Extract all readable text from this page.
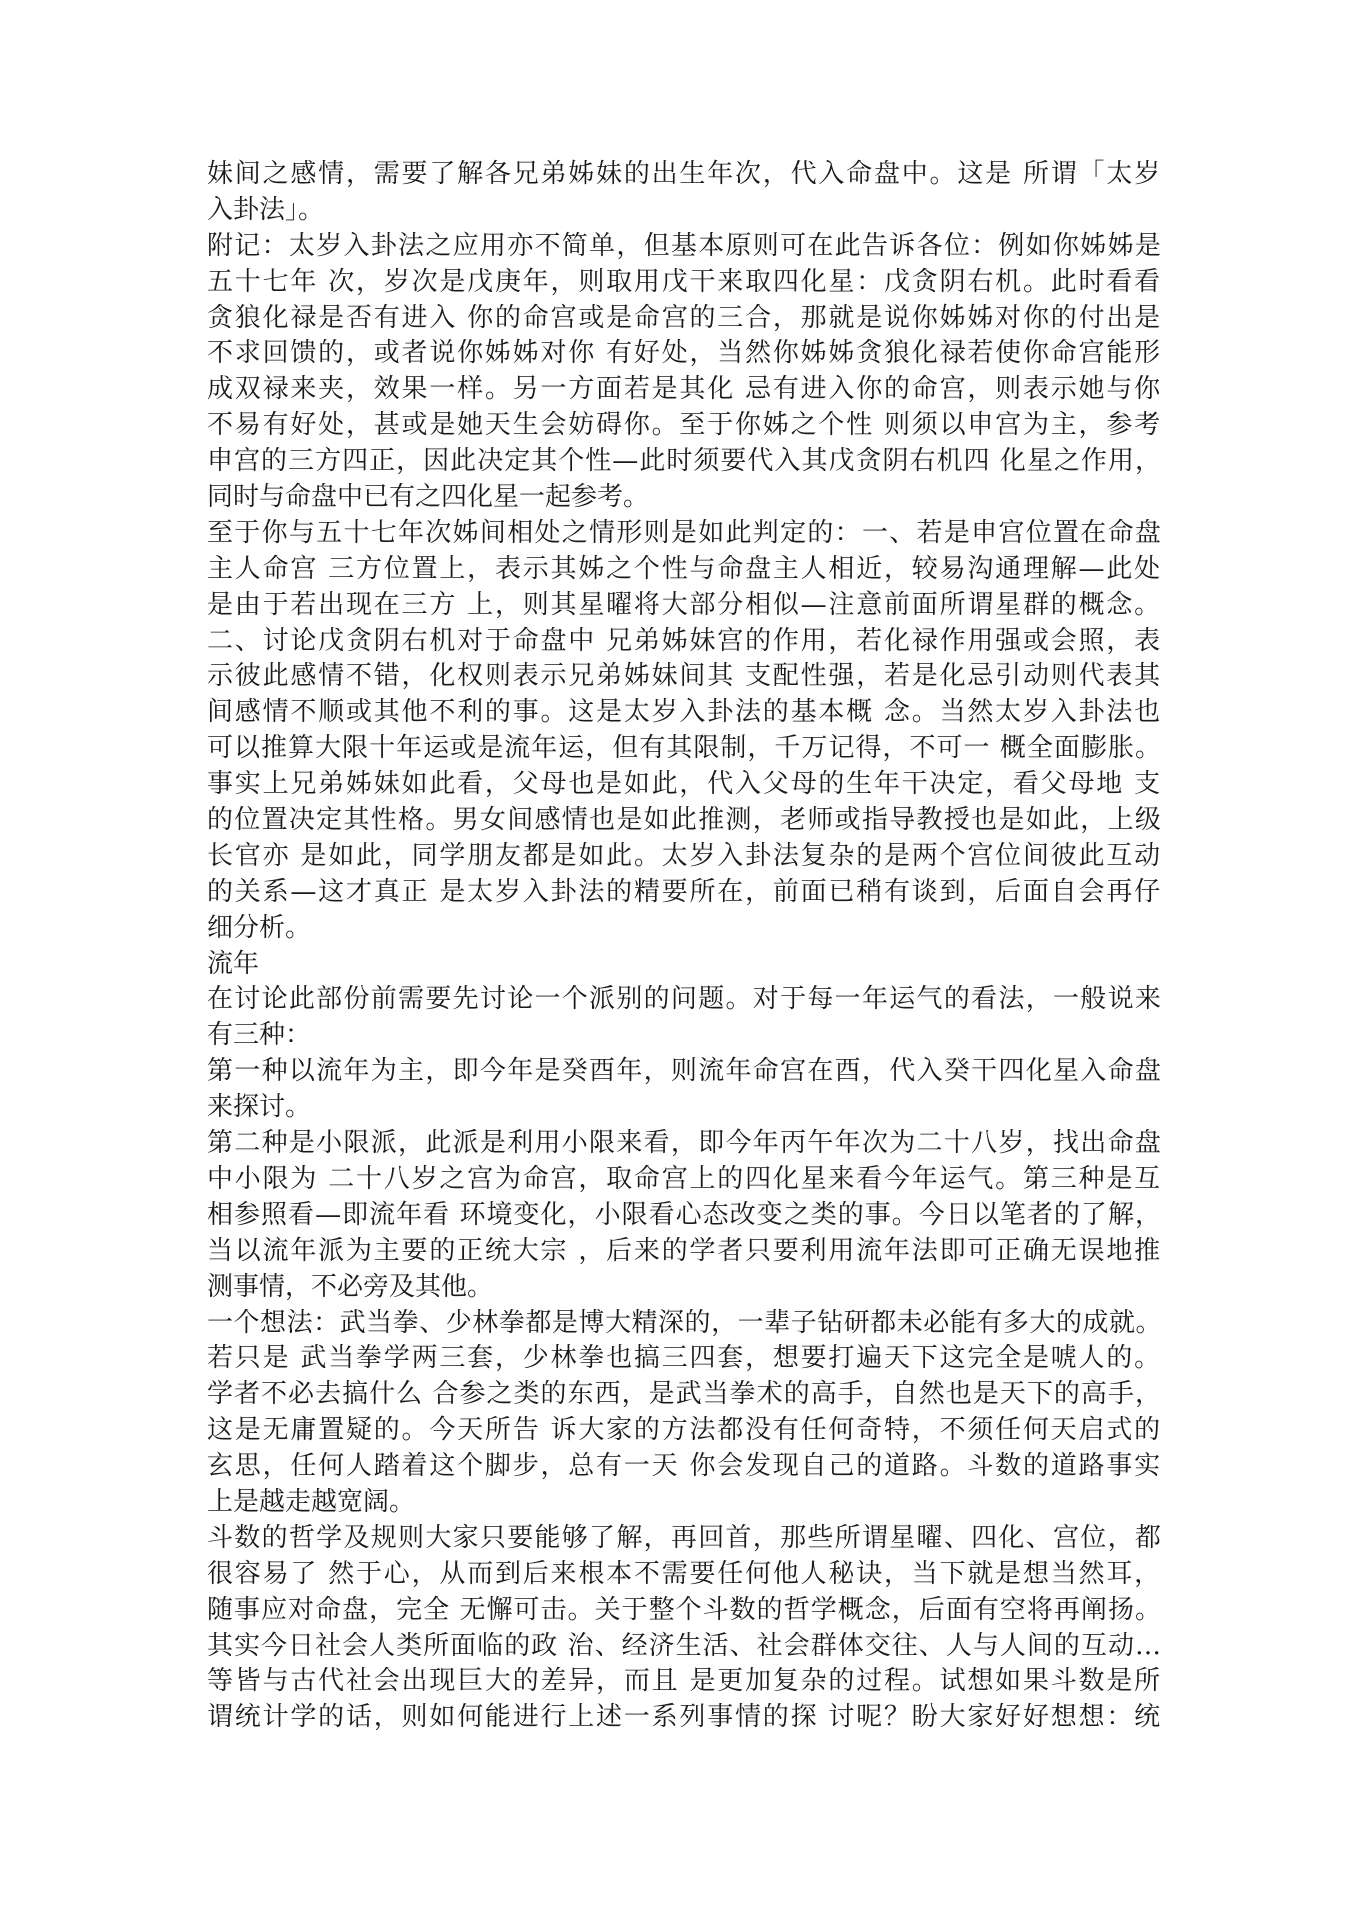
妹间之感情，需要了解各兄弟姊妹的出生年次，代入命盘中。这是 所谓「太岁
入卦法」。
附记：太岁入卦法之应用亦不简单，但基本原则可在此告诉各位：例如你姊姊是
五十七年 次，岁次是戊庚年，则取用戊干来取四化星：戊贪阴右机。此时看看
贪狼化禄是否有进入 你的命宫或是命宫的三合，那就是说你姊姊对你的付出是
不求回馈的，或者说你姊姊对你 有好处，当然你姊姊贪狼化禄若使你命宫能形
成双禄来夹，效果一样。另一方面若是其化 忌有进入你的命宫，则表示她与你
不易有好处，甚或是她天生会妨碍你。至于你姊之个性 则须以申宫为主，参考
申宫的三方四正，因此决定其个性—此时须要代入其戊贪阴右机四 化星之作用，
同时与命盘中已有之四化星一起参考。
至于你与五十七年次姊间相处之情形则是如此判定的：一、若是申宫位置在命盘
主人命宫 三方位置上，表示其姊之个性与命盘主人相近，较易沟通理解—此处
是由于若出现在三方 上，则其星曜将大部分相似—注意前面所谓星群的概念。
二、讨论戊贪阴右机对于命盘中 兄弟姊妹宫的作用，若化禄作用强或会照，表
示彼此感情不错，化权则表示兄弟姊妹间其 支配性强，若是化忌引动则代表其
间感情不顺或其他不利的事。这是太岁入卦法的基本概 念。当然太岁入卦法也
可以推算大限十年运或是流年运，但有其限制，千万记得，不可一 概全面膨胀。
事实上兄弟姊妹如此看，父母也是如此，代入父母的生年干决定，看父母地 支
的位置决定其性格。男女间感情也是如此推测，老师或指导教授也是如此，上级
长官亦 是如此，同学朋友都是如此。太岁入卦法复杂的是两个宫位间彼此互动
的关系—这才真正 是太岁入卦法的精要所在，前面已稍有谈到，后面自会再仔
细分析。
流年
在讨论此部份前需要先讨论一个派别的问题。对于每一年运气的看法，一般说来
有三种：
第一种以流年为主，即今年是癸酉年，则流年命宫在酉，代入癸干四化星入命盘
来探讨。
第二种是小限派，此派是利用小限来看，即今年丙午年次为二十八岁，找出命盘
中小限为 二十八岁之宫为命宫，取命宫上的四化星来看今年运气。第三种是互
相参照看—即流年看 环境变化，小限看心态改变之类的事。今日以笔者的了解，
当以流年派为主要的正统大宗 ，后来的学者只要利用流年法即可正确无误地推
测事情，不必旁及其他。
一个想法：武当拳、少林拳都是博大精深的，一辈子钻研都未必能有多大的成就。
若只是 武当拳学两三套，少林拳也搞三四套，想要打遍天下这完全是唬人的。
学者不必去搞什么 合参之类的东西，是武当拳术的高手，自然也是天下的高手，
这是无庸置疑的。今天所告 诉大家的方法都没有任何奇特，不须任何天启式的
玄思，任何人踏着这个脚步，总有一天 你会发现自己的道路。斗数的道路事实
上是越走越宽阔。
斗数的哲学及规则大家只要能够了解，再回首，那些所谓星曜、四化、宫位，都
很容易了 然于心，从而到后来根本不需要任何他人秘诀，当下就是想当然耳，
随事应对命盘，完全 无懈可击。关于整个斗数的哲学概念，后面有空将再阐扬。
其实今日社会人类所面临的政 治、经济生活、社会群体交往、人与人间的互动…
等皆与古代社会出现巨大的差异，而且 是更加复杂的过程。试想如果斗数是所
谓统计学的话，则如何能进行上述一系列事情的探 讨呢？盼大家好好想想：统
